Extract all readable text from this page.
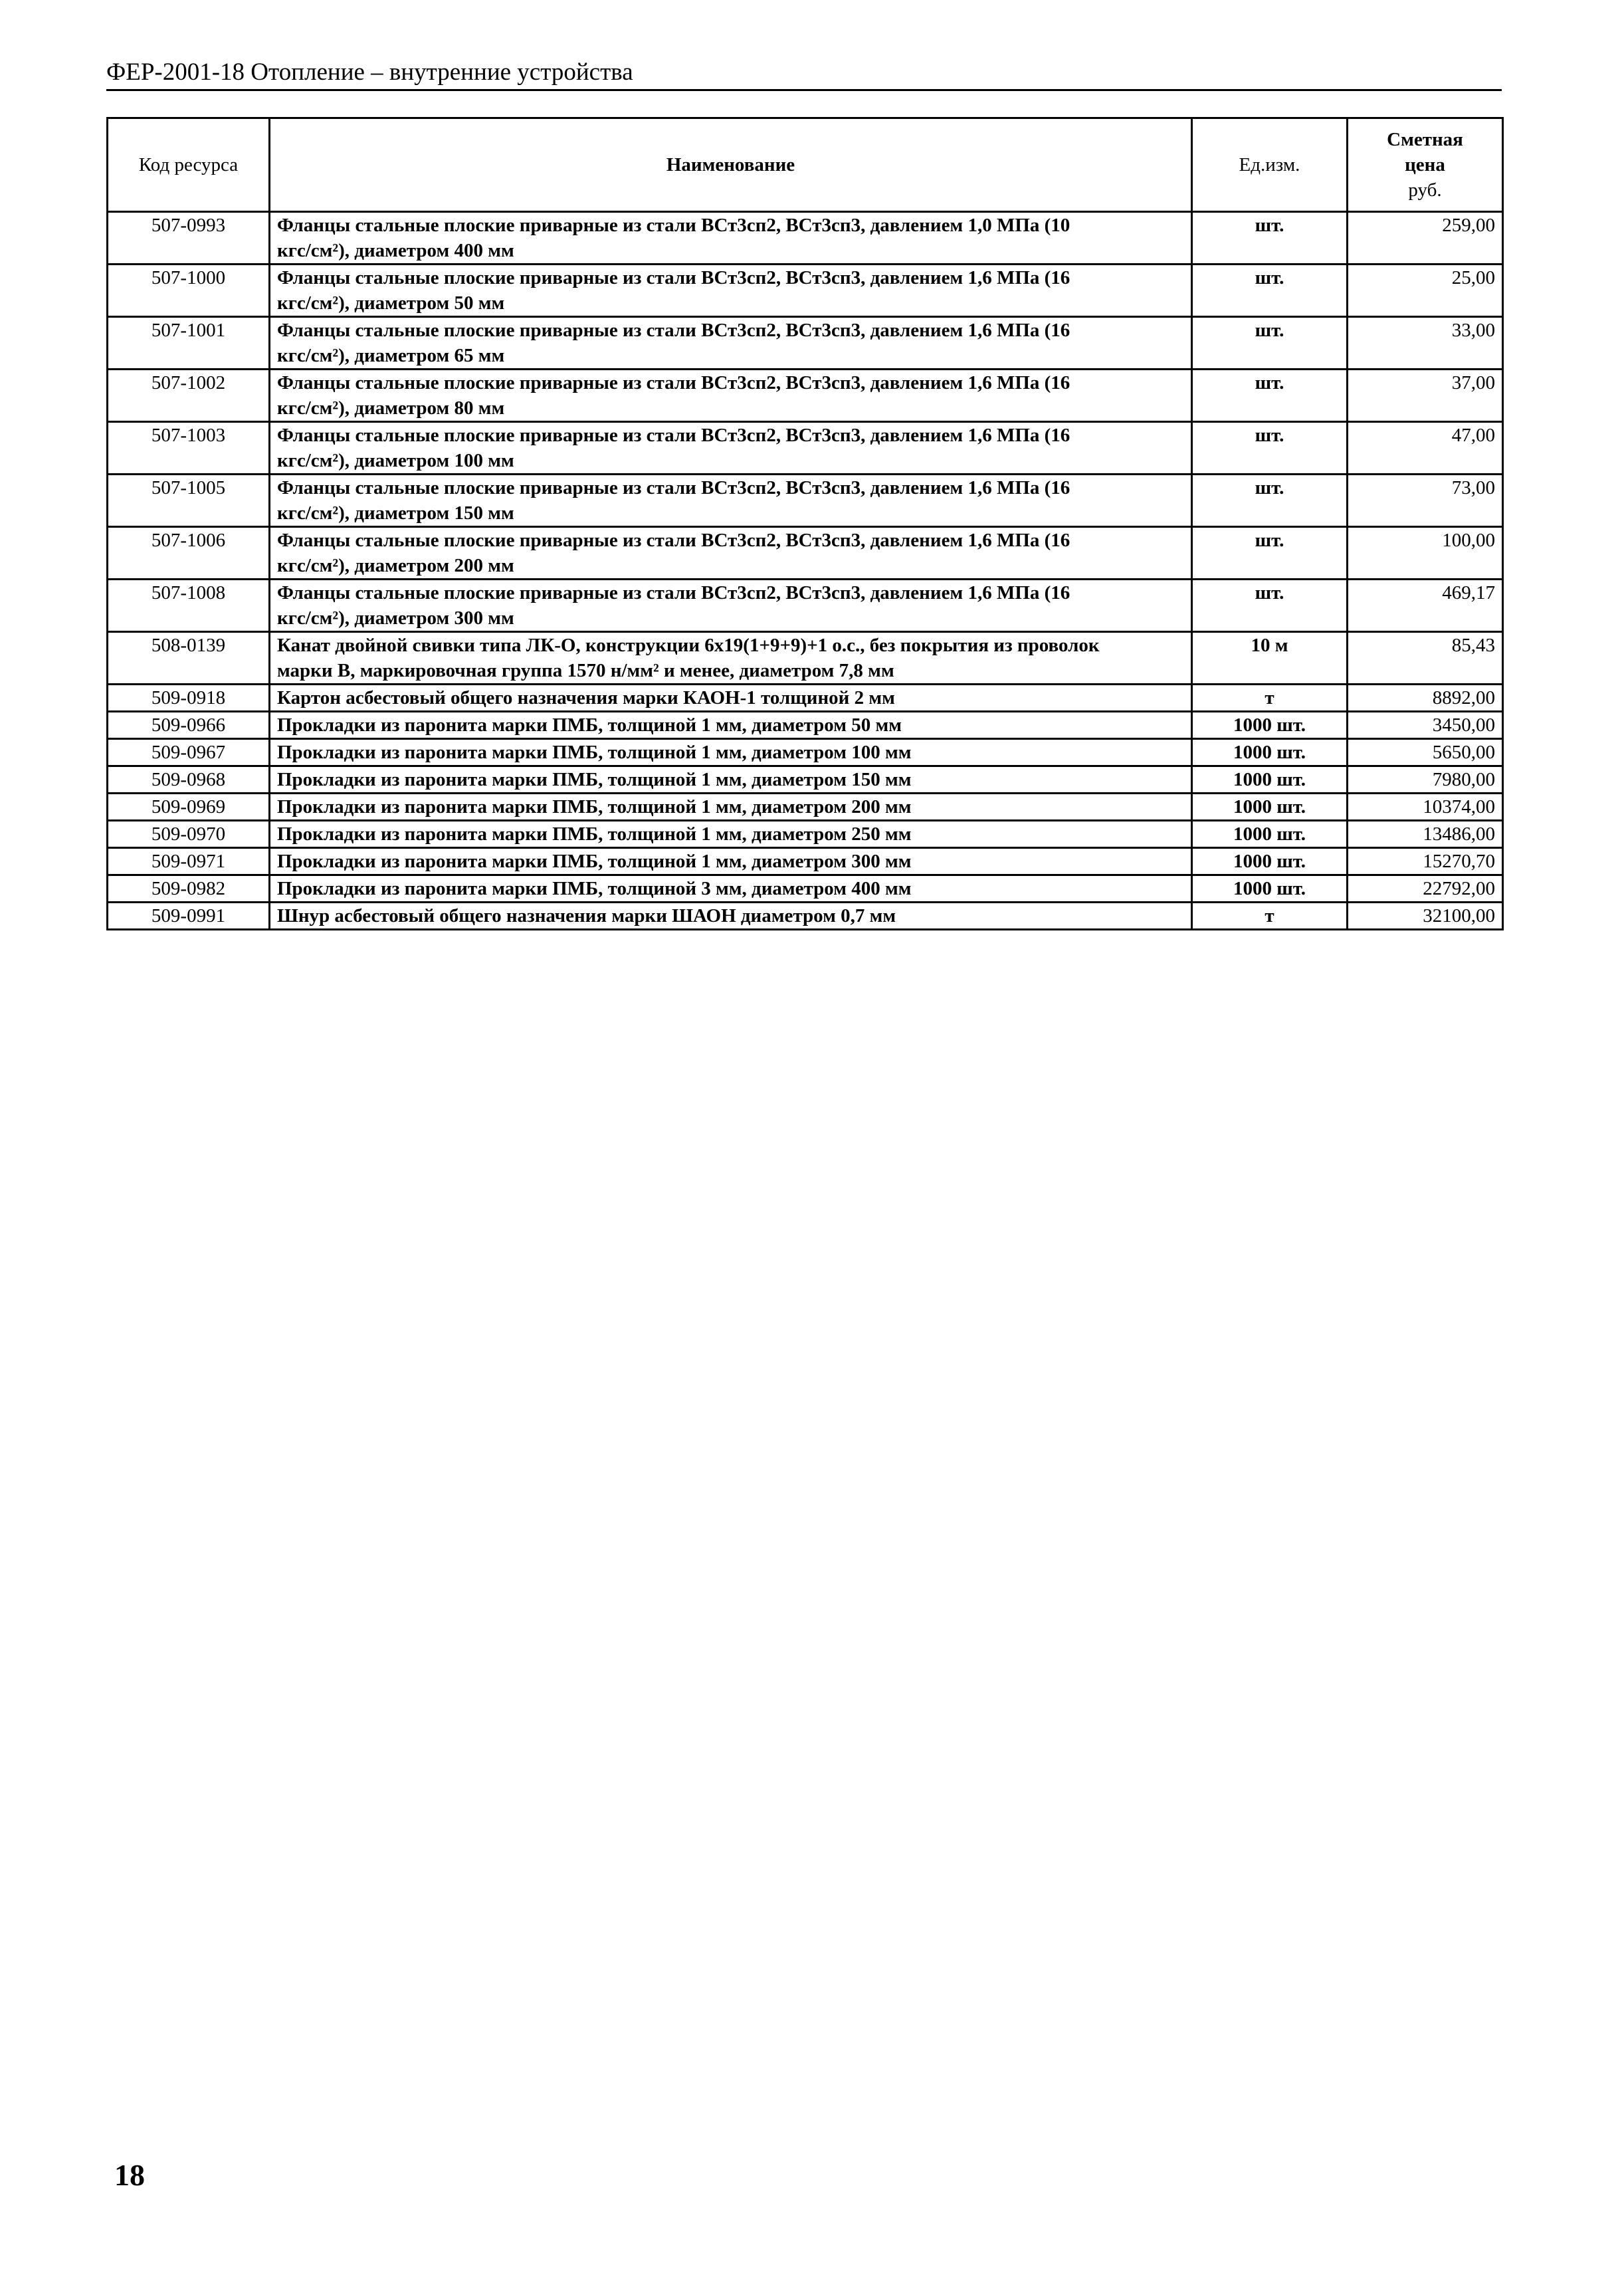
ФЕР-2001-18 Отопление – внутренние устройства
Код ресурса	Наименование	Ед.изм.	Сметная
цена
руб.

507-0993	Фланцы стальные плоские приварные из стали ВСт3сп2, ВСт3сп3, давлением 1,0 МПа (10
кгс/см²), диаметром 400 мм	шт.	259,00
507-1000	Фланцы стальные плоские приварные из стали ВСт3сп2, ВСт3сп3, давлением 1,6 МПа (16
кгс/см²), диаметром 50 мм	шт.	25,00
507-1001	Фланцы стальные плоские приварные из стали ВСт3сп2, ВСт3сп3, давлением 1,6 МПа (16
кгс/см²), диаметром 65 мм	шт.	33,00
507-1002	Фланцы стальные плоские приварные из стали ВСт3сп2, ВСт3сп3, давлением 1,6 МПа (16
кгс/см²), диаметром 80 мм	шт.	37,00
507-1003	Фланцы стальные плоские приварные из стали ВСт3сп2, ВСт3сп3, давлением 1,6 МПа (16
кгс/см²), диаметром 100 мм	шт.	47,00
507-1005	Фланцы стальные плоские приварные из стали ВСт3сп2, ВСт3сп3, давлением 1,6 МПа (16
кгс/см²), диаметром 150 мм	шт.	73,00
507-1006	Фланцы стальные плоские приварные из стали ВСт3сп2, ВСт3сп3, давлением 1,6 МПа (16
кгс/см²), диаметром 200 мм	шт.	100,00
507-1008	Фланцы стальные плоские приварные из стали ВСт3сп2, ВСт3сп3, давлением 1,6 МПа (16
кгс/см²), диаметром 300 мм	шт.	469,17
508-0139	Канат двойной свивки типа ЛК-О, конструкции 6х19(1+9+9)+1 о.с., без покрытия из проволок
марки В, маркировочная группа 1570 н/мм² и менее, диаметром 7,8 мм	10 м	85,43
509-0918	Картон асбестовый общего назначения марки КАОН-1 толщиной 2 мм	т	8892,00
509-0966	Прокладки из паронита марки ПМБ, толщиной 1 мм, диаметром 50 мм	1000 шт.	3450,00
509-0967	Прокладки из паронита марки ПМБ, толщиной 1 мм, диаметром 100 мм	1000 шт.	5650,00
509-0968	Прокладки из паронита марки ПМБ, толщиной 1 мм, диаметром 150 мм	1000 шт.	7980,00
509-0969	Прокладки из паронита марки ПМБ, толщиной 1 мм, диаметром 200 мм	1000 шт.	10374,00
509-0970	Прокладки из паронита марки ПМБ, толщиной 1 мм, диаметром 250 мм	1000 шт.	13486,00
509-0971	Прокладки из паронита марки ПМБ, толщиной 1 мм, диаметром 300 мм	1000 шт.	15270,70
509-0982	Прокладки из паронита марки ПМБ, толщиной 3 мм, диаметром 400 мм	1000 шт.	22792,00
509-0991	Шнур асбестовый общего назначения марки ШАОН диаметром 0,7 мм	т	32100,00
18
